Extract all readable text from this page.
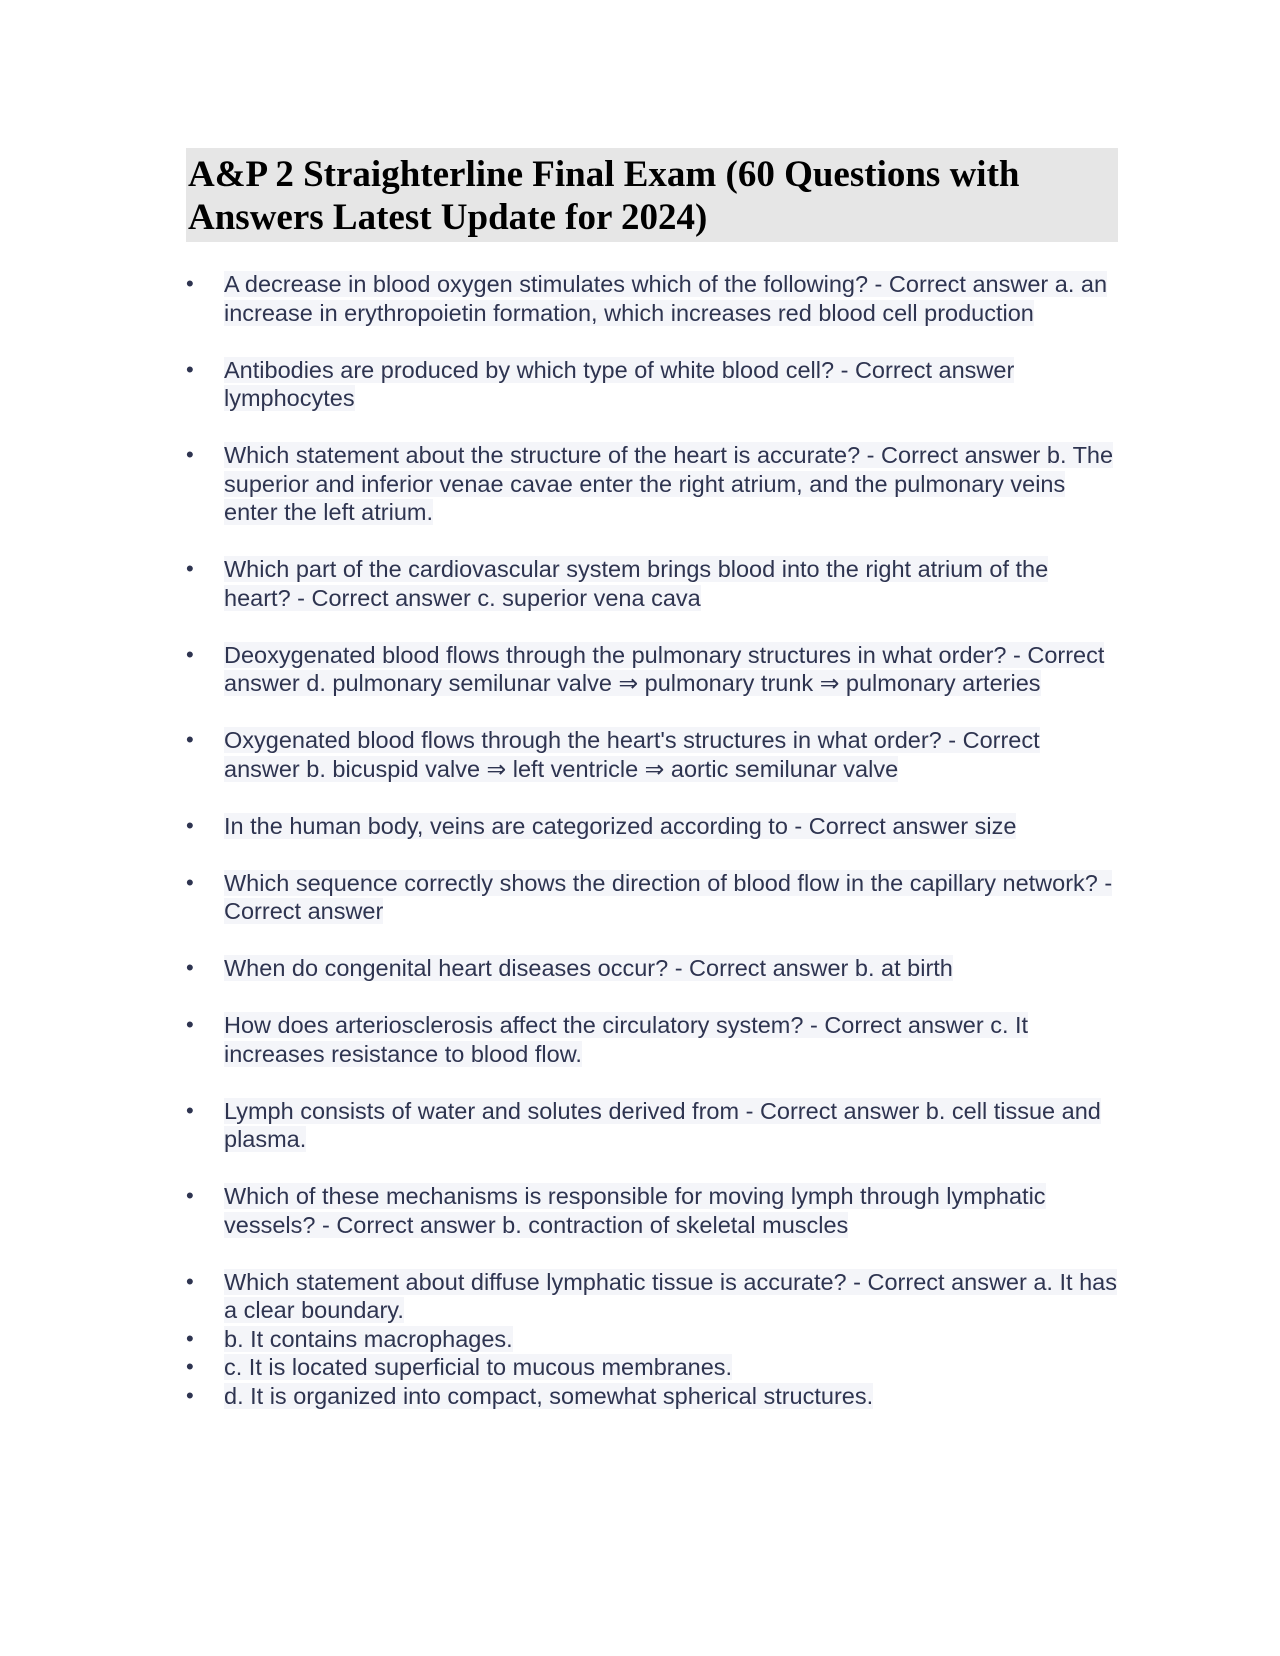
A&P 2 Straighterline Final Exam (60 Questions with Answers Latest Update for 2024)
•	A decrease in blood oxygen stimulates which of the following? - Correct answer a. an increase in erythropoietin formation, which increases red blood cell production
•	Antibodies are produced by which type of white blood cell? - Correct answer lymphocytes
•	Which statement about the structure of the heart is accurate? - Correct answer b. The superior and inferior venae cavae enter the right atrium, and the pulmonary veins enter the left atrium.
•	Which part of the cardiovascular system brings blood into the right atrium of the heart? - Correct answer c. superior vena cava
•	Deoxygenated blood flows through the pulmonary structures in what order? - Correct answer d. pulmonary semilunar valve ⇒ pulmonary trunk ⇒ pulmonary arteries
•	Oxygenated blood flows through the heart's structures in what order? - Correct answer b. bicuspid valve ⇒ left ventricle ⇒ aortic semilunar valve
•	In the human body, veins are categorized according to - Correct answer size
•	Which sequence correctly shows the direction of blood flow in the capillary network? - Correct answer
•	When do congenital heart diseases occur? - Correct answer b. at birth
•	How does arteriosclerosis affect the circulatory system? - Correct answer c. It increases resistance to blood flow.
•	Lymph consists of water and solutes derived from - Correct answer b. cell tissue and plasma.
•	Which of these mechanisms is responsible for moving lymph through lymphatic vessels? - Correct answer b. contraction of skeletal muscles
•	Which statement about diffuse lymphatic tissue is accurate? - Correct answer a. It has a clear boundary.
•	b. It contains macrophages.
•	c. It is located superficial to mucous membranes.
•	d. It is organized into compact, somewhat spherical structures.
